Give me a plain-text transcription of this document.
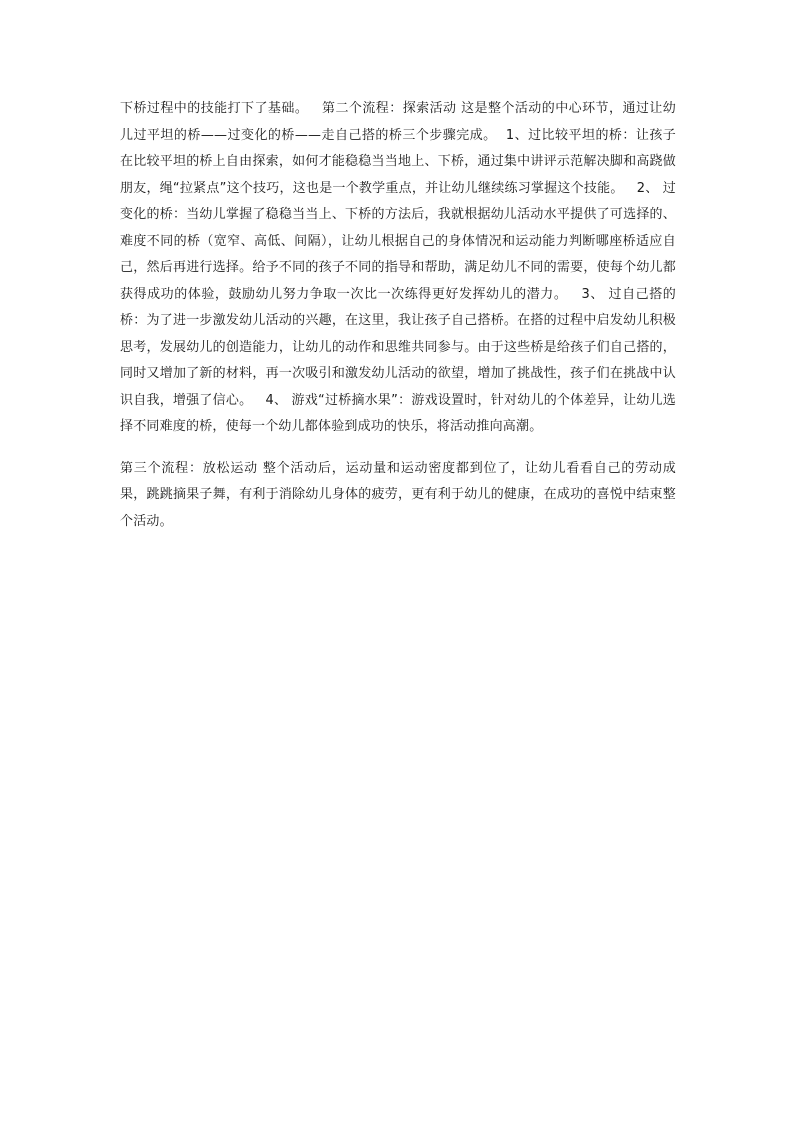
下桥过程中的技能打下了基础。 第二个流程：探索活动 这是整个活动的中心环节，通过让幼儿过平坦的桥——过变化的桥——走自己搭的桥三个步骤完成。 1、过比较平坦的桥：让孩子在比较平坦的桥上自由探索，如何才能稳稳当当地上、下桥，通过集中讲评示范解决脚和高跷做朋友，绳“拉紧点”这个技巧，这也是一个教学重点，并让幼儿继续练习掌握这个技能。 2、 过变化的桥：当幼儿掌握了稳稳当当上、下桥的方法后，我就根据幼儿活动水平提供了可选择的、难度不同的桥（宽窄、高低、间隔），让幼儿根据自己的身体情况和运动能力判断哪座桥适应自己，然后再进行选择。给予不同的孩子不同的指导和帮助，满足幼儿不同的需要，使每个幼儿都获得成功的体验，鼓励幼儿努力争取一次比一次练得更好发挥幼儿的潜力。 3、 过自己搭的桥：为了进一步激发幼儿活动的兴趣，在这里，我让孩子自己搭桥。在搭的过程中启发幼儿积极思考，发展幼儿的创造能力，让幼儿的动作和思维共同参与。由于这些桥是给孩子们自己搭的，同时又增加了新的材料，再一次吸引和激发幼儿活动的欲望，增加了挑战性，孩子们在挑战中认识自我，增强了信心。 4、 游戏“过桥摘水果”：游戏设置时，针对幼儿的个体差异，让幼儿选择不同难度的桥，使每一个幼儿都体验到成功的快乐，将活动推向高潮。

第三个流程：放松运动 整个活动后，运动量和运动密度都到位了，让幼儿看看自己的劳动成果，跳跳摘果子舞，有利于消除幼儿身体的疲劳，更有利于幼儿的健康，在成功的喜悦中结束整个活动。
